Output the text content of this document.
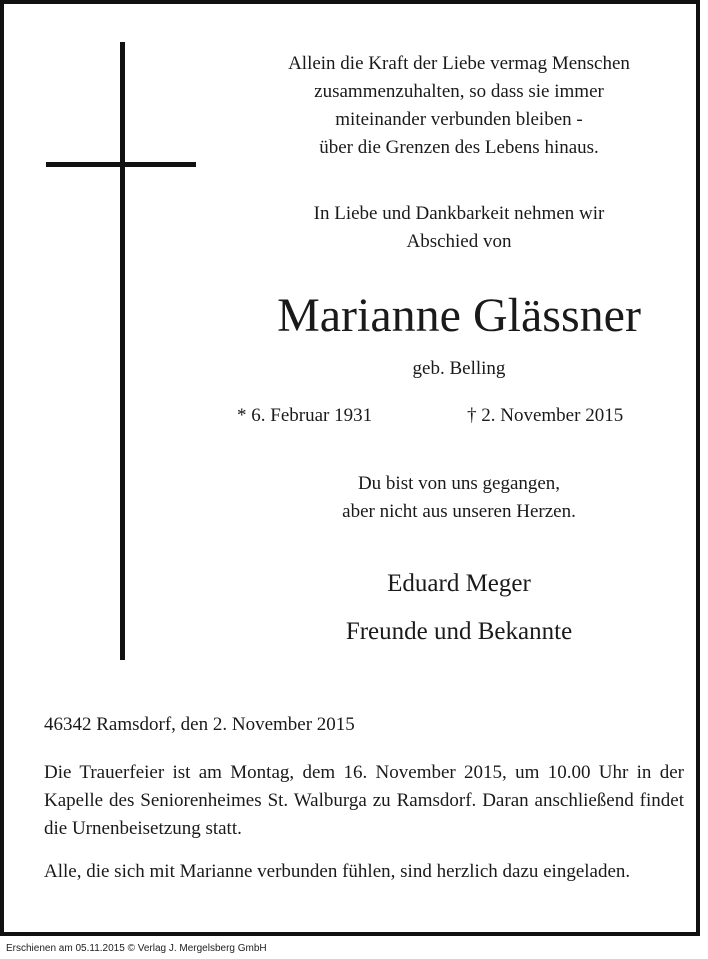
Allein die Kraft der Liebe vermag Menschen
zusammenzuhalten, so dass sie immer
miteinander verbunden bleiben -
über die Grenzen des Lebens hinaus.
In Liebe und Dankbarkeit nehmen wir
Abschied von
Marianne Glässner
geb. Belling
* 6. Februar 1931	† 2. November 2015
Du bist von uns gegangen,
aber nicht aus unseren Herzen.
Eduard Meger
Freunde und Bekannte
46342 Ramsdorf, den 2. November 2015
Die Trauerfeier ist am Montag, dem 16. November 2015, um 10.00 Uhr in der Kapelle des Seniorenheimes St. Walburga zu Ramsdorf. Daran anschließend findet die Urnenbeisetzung statt.
Alle, die sich mit Marianne verbunden fühlen, sind herzlich dazu eingeladen.
Erschienen am 05.11.2015 © Verlag J. Mergelsberg GmbH
